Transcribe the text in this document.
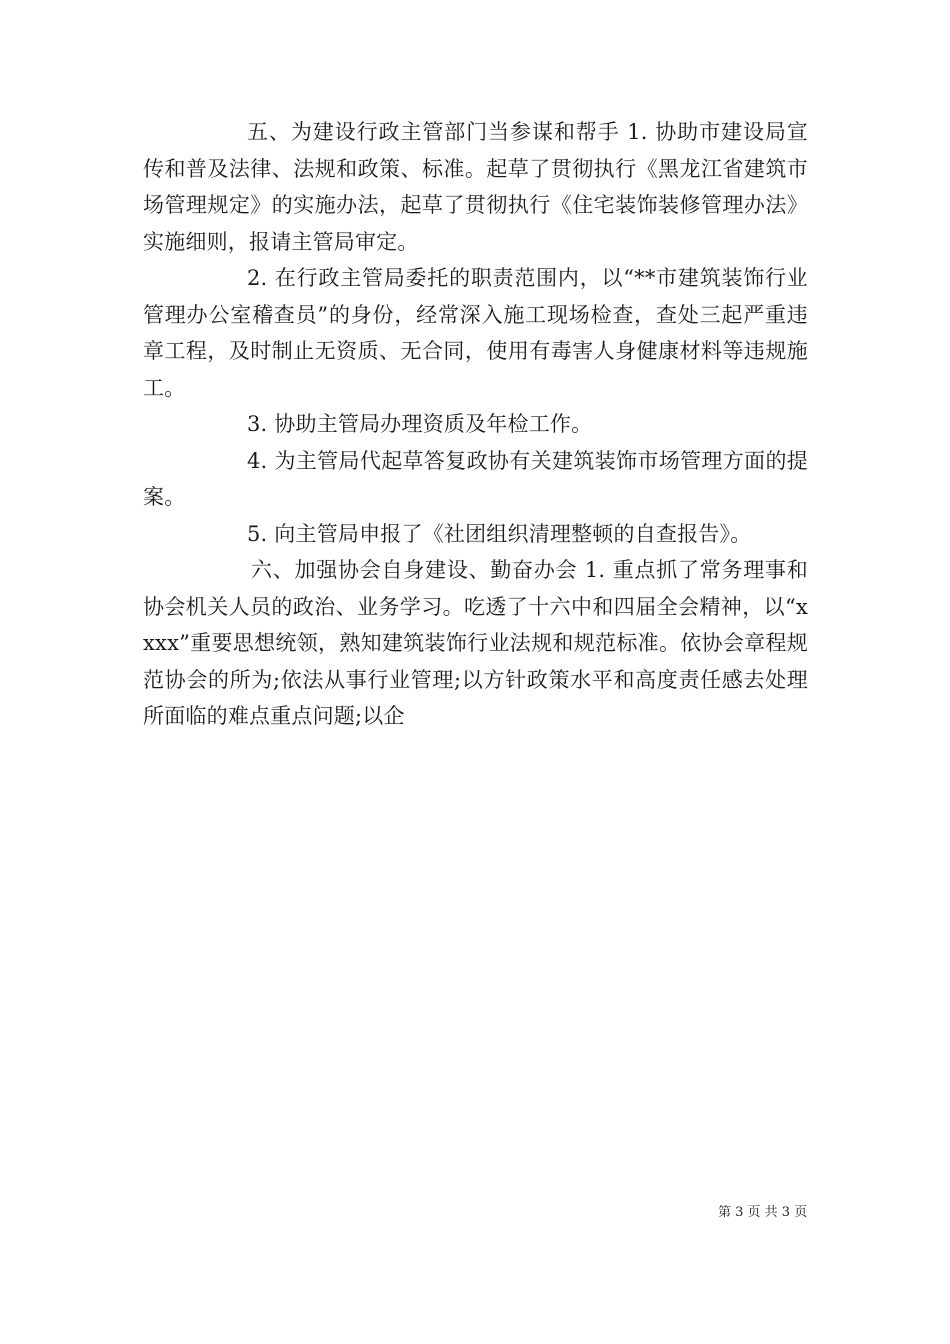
五、为建设行政主管部门当参谋和帮手 1. 协助市建设局宣传和普及法律、法规和政策、标准。起草了贯彻执行《黑龙江省建筑市场管理规定》的实施办法，起草了贯彻执行《住宅装饰装修管理办法》实施细则，报请主管局审定。

2. 在行政主管局委托的职责范围内，以“**市建筑装饰行业管理办公室稽查员”的身份，经常深入施工现场检查，查处三起严重违章工程，及时制止无资质、无合同，使用有毒害人身健康材料等违规施工。

3. 协助主管局办理资质及年检工作。

4. 为主管局代起草答复政协有关建筑装饰市场管理方面的提案。

5. 向主管局申报了《社团组织清理整顿的自查报告》。

六、加强协会自身建设、勤奋办会 1. 重点抓了常务理事和协会机关人员的政治、业务学习。吃透了十六中和四届全会精神，以“xxxx”重要思想统领，熟知建筑装饰行业法规和规范标准。依协会章程规范协会的所为;依法从事行业管理;以方针政策水平和高度责任感去处理所面临的难点重点问题;以企

第 3 页 共 3 页
